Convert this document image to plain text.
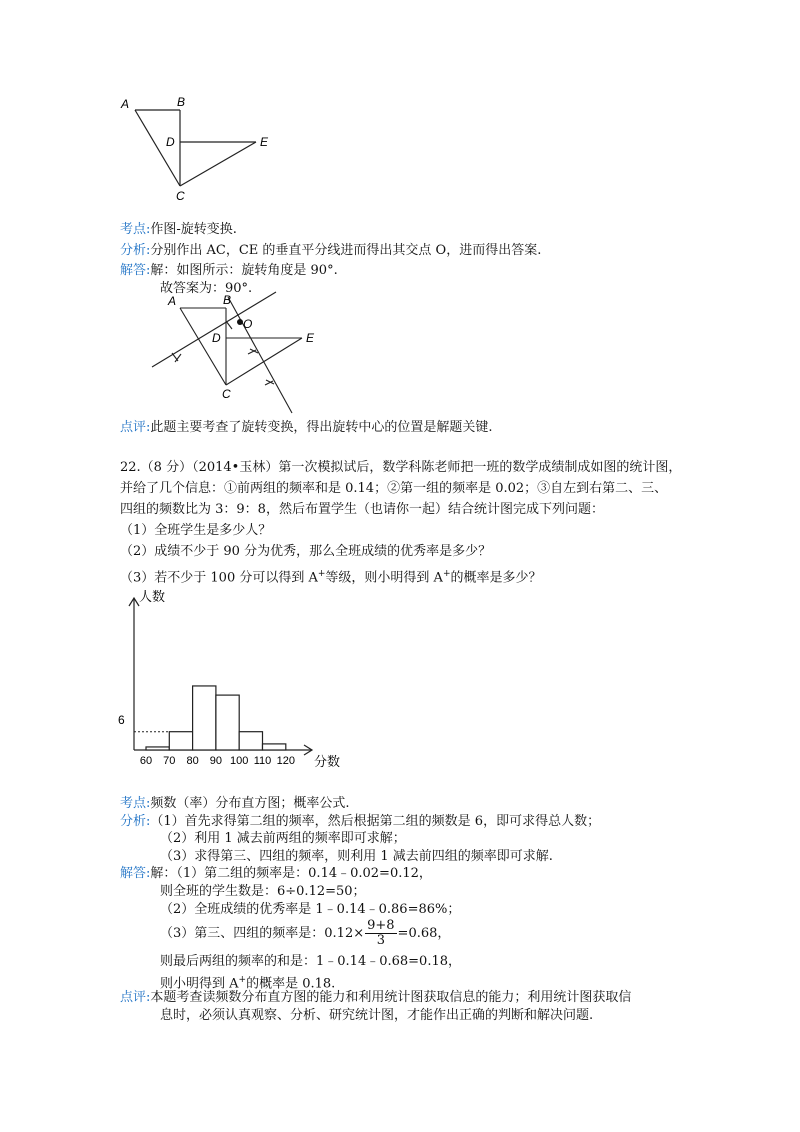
A	B
D	E
C
考点:作图-旋转变换.
分析:分别作出 AC，CE 的垂直平分线进而得出其交点 O，进而得出答案.
解答:解：如图所示：旋转角度是 90°.
故答案为：90°.
A	B
O
D	E
C
点评:此题主要考查了旋转变换，得出旋转中心的位置是解题关键.
22.（8 分）（2014•玉林）第一次模拟试后，数学科陈老师把一班的数学成绩制成如图的统计图，
并给了几个信息：①前两组的频率和是 0.14；②第一组的频率是 0.02；③自左到右第二、三、
四组的频数比为 3：9：8，然后布置学生（也请你一起）结合统计图完成下列问题：
（1）全班学生是多少人？
（2）成绩不少于 90 分为优秀，那么全班成绩的优秀率是多少？
（3）若不少于 100 分可以得到 A+等级，则小明得到 A+的概率是多少？
人数
分数
6
60 70 80 90 100 110 120
考点:频数（率）分布直方图；概率公式.
分析:（1）首先求得第二组的频率，然后根据第二组的频数是 6，即可求得总人数；
（2）利用 1 减去前两组的频率即可求解；
（3）求得第三、四组的频率，则利用 1 减去前四组的频率即可求解.
解答:解：（1）第二组的频率是：0.14﹣0.02=0.12，
则全班的学生数是：6÷0.12=50；
（2）全班成绩的优秀率是 1﹣0.14﹣0.86=86%；
（3）第三、四组的频率是：$0.12\times \frac{9+8}{3} =0.68$，
则最后两组的频率的和是：1﹣0.14﹣0.68=0.18，
则小明得到 A+的概率是 0.18.
点评:本题考查读频数分布直方图的能力和利用统计图获取信息的能力；利用统计图获取信
息时，必须认真观察、分析、研究统计图，才能作出正确的判断和解决问题.
